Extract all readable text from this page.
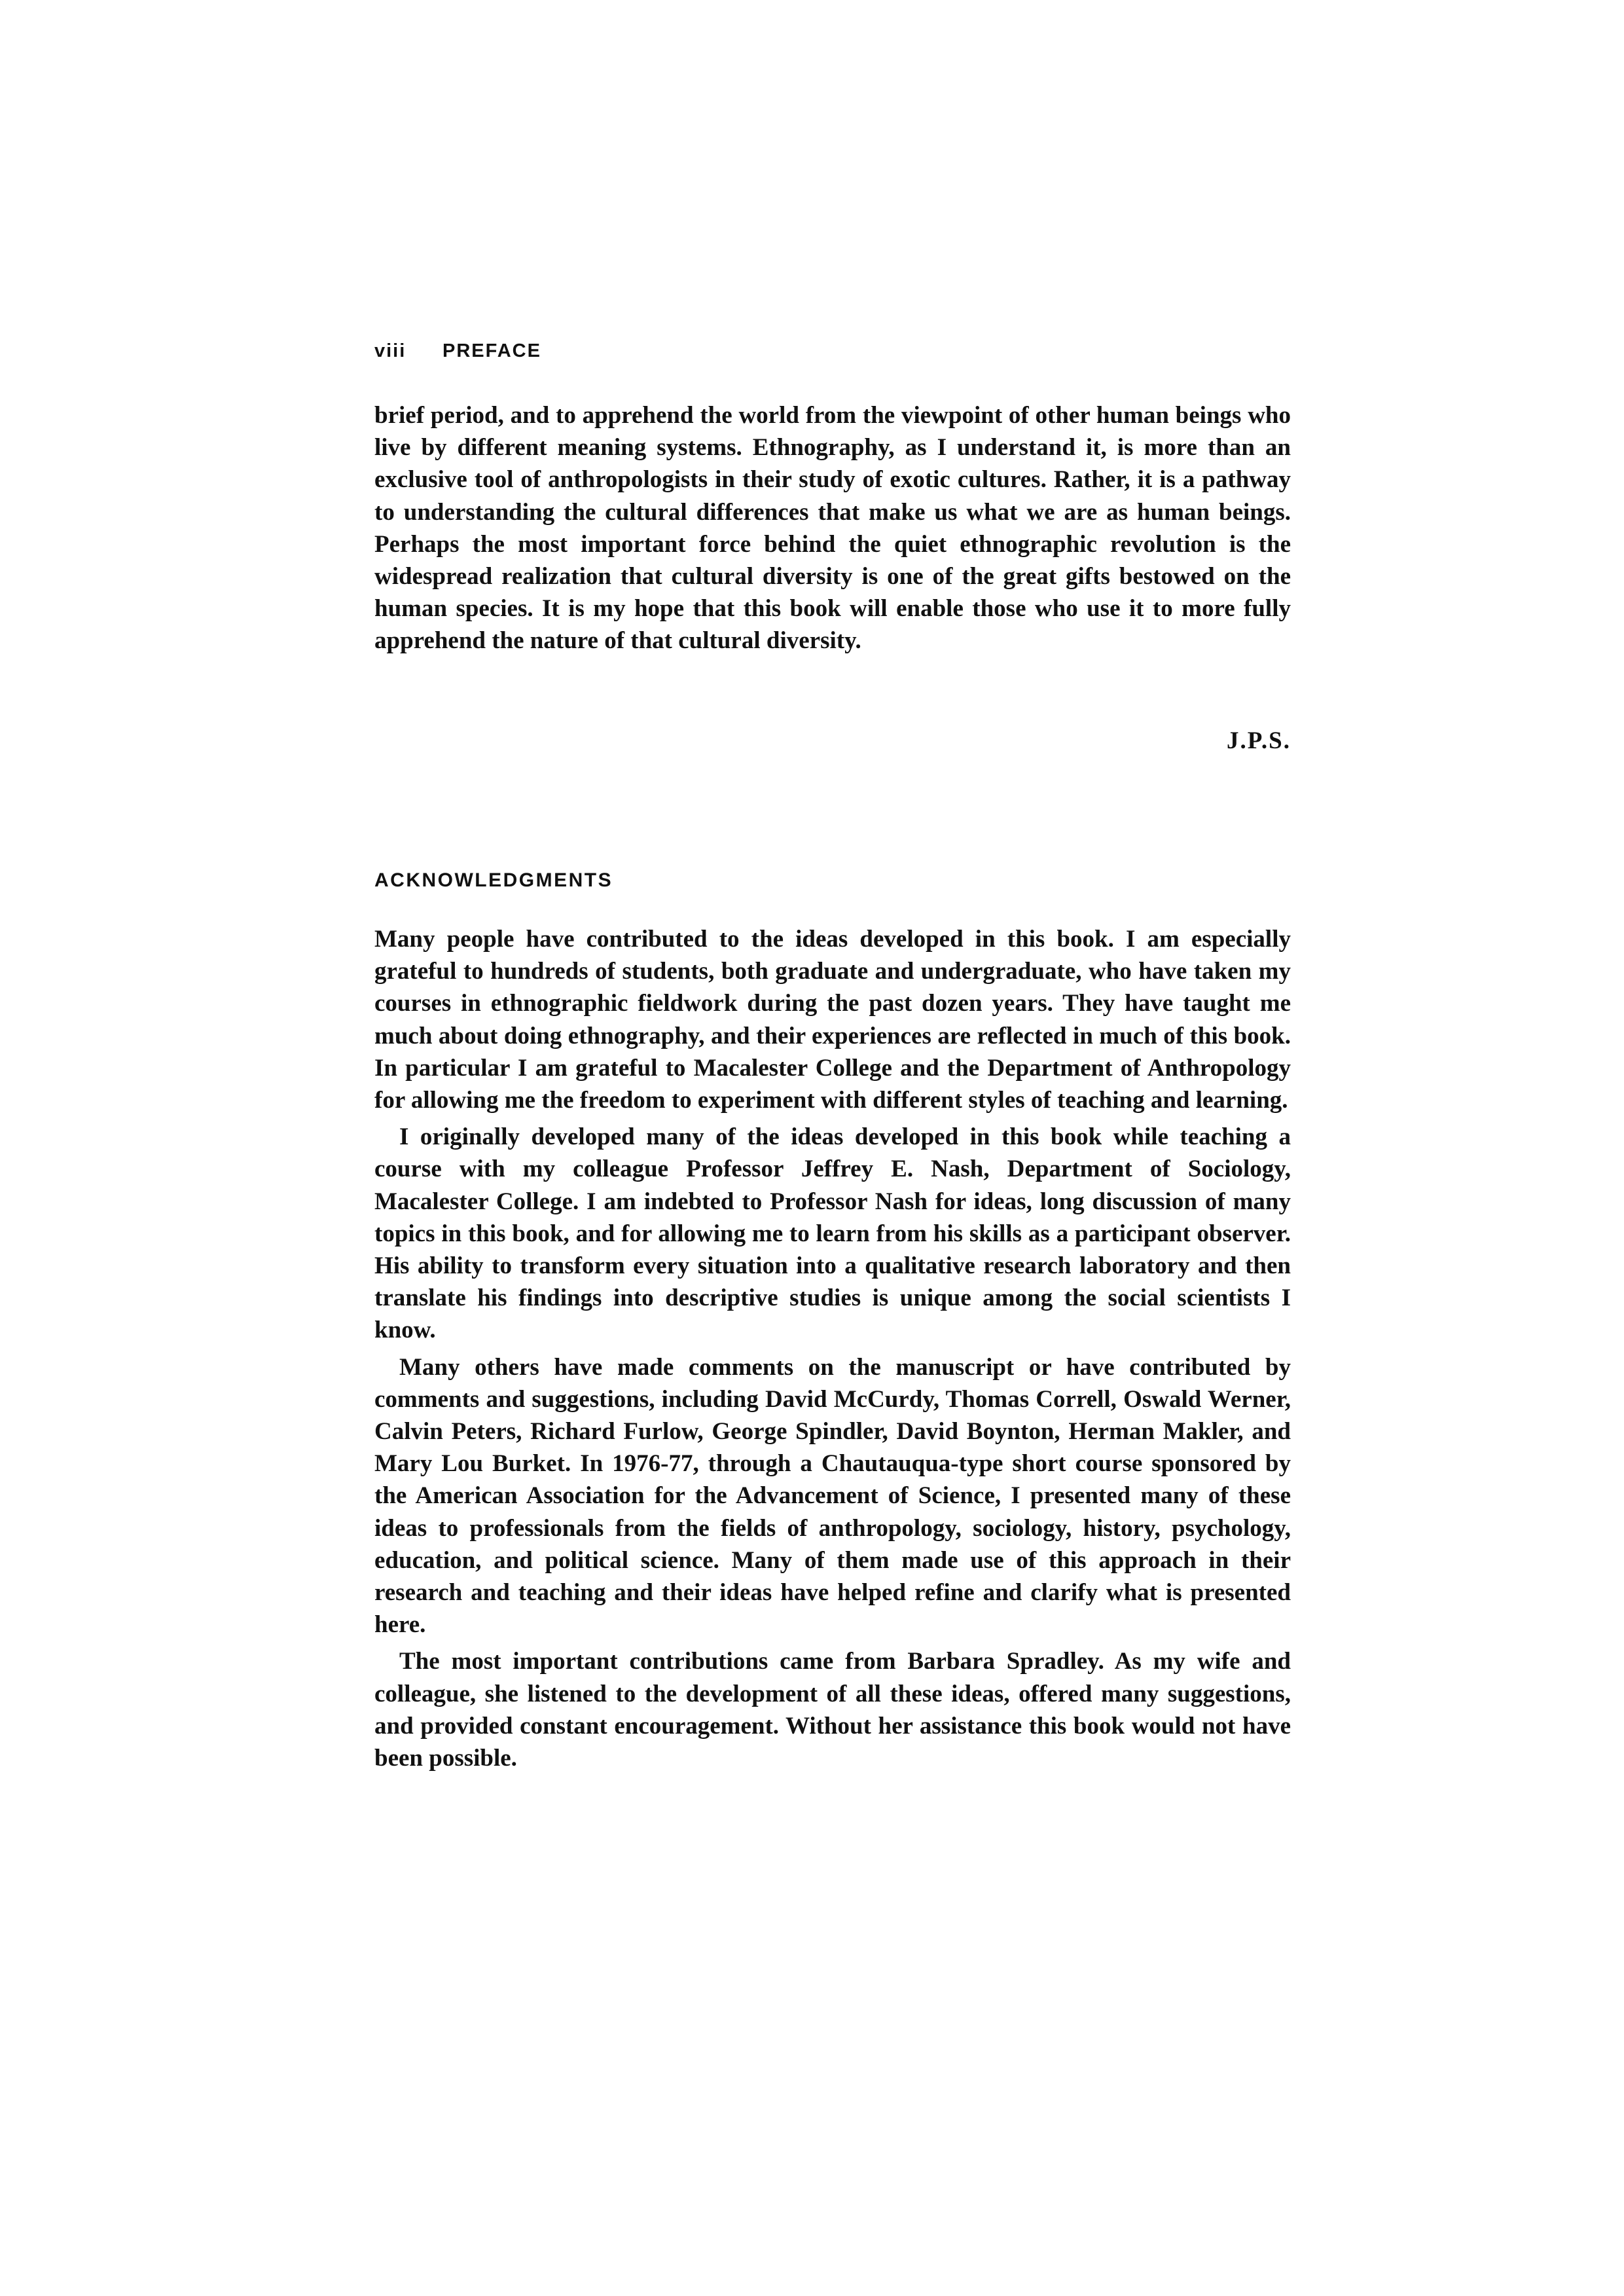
viii PREFACE

brief period, and to apprehend the world from the viewpoint of other human beings who live by different meaning systems. Ethnography, as I understand it, is more than an exclusive tool of anthropologists in their study of exotic cultures. Rather, it is a pathway to understanding the cultural differences that make us what we are as human beings. Perhaps the most important force behind the quiet ethnographic revolution is the widespread realization that cultural diversity is one of the great gifts bestowed on the human species. It is my hope that this book will enable those who use it to more fully apprehend the nature of that cultural diversity.

J.P.S.
ACKNOWLEDGMENTS

Many people have contributed to the ideas developed in this book. I am especially grateful to hundreds of students, both graduate and undergraduate, who have taken my courses in ethnographic fieldwork during the past dozen years. They have taught me much about doing ethnography, and their experiences are reflected in much of this book. In particular I am grateful to Macalester College and the Department of Anthropology for allowing me the freedom to experiment with different styles of teaching and learning.

I originally developed many of the ideas developed in this book while teaching a course with my colleague Professor Jeffrey E. Nash, Department of Sociology, Macalester College. I am indebted to Professor Nash for ideas, long discussion of many topics in this book, and for allowing me to learn from his skills as a participant observer. His ability to transform every situation into a qualitative research laboratory and then translate his findings into descriptive studies is unique among the social scientists I know.

Many others have made comments on the manuscript or have contributed by comments and suggestions, including David McCurdy, Thomas Correll, Oswald Werner, Calvin Peters, Richard Furlow, George Spindler, David Boynton, Herman Makler, and Mary Lou Burket. In 1976-77, through a Chautauqua-type short course sponsored by the American Association for the Advancement of Science, I presented many of these ideas to professionals from the fields of anthropology, sociology, history, psychology, education, and political science. Many of them made use of this approach in their research and teaching and their ideas have helped refine and clarify what is presented here.

The most important contributions came from Barbara Spradley. As my wife and colleague, she listened to the development of all these ideas, offered many suggestions, and provided constant encouragement. Without her assistance this book would not have been possible.
